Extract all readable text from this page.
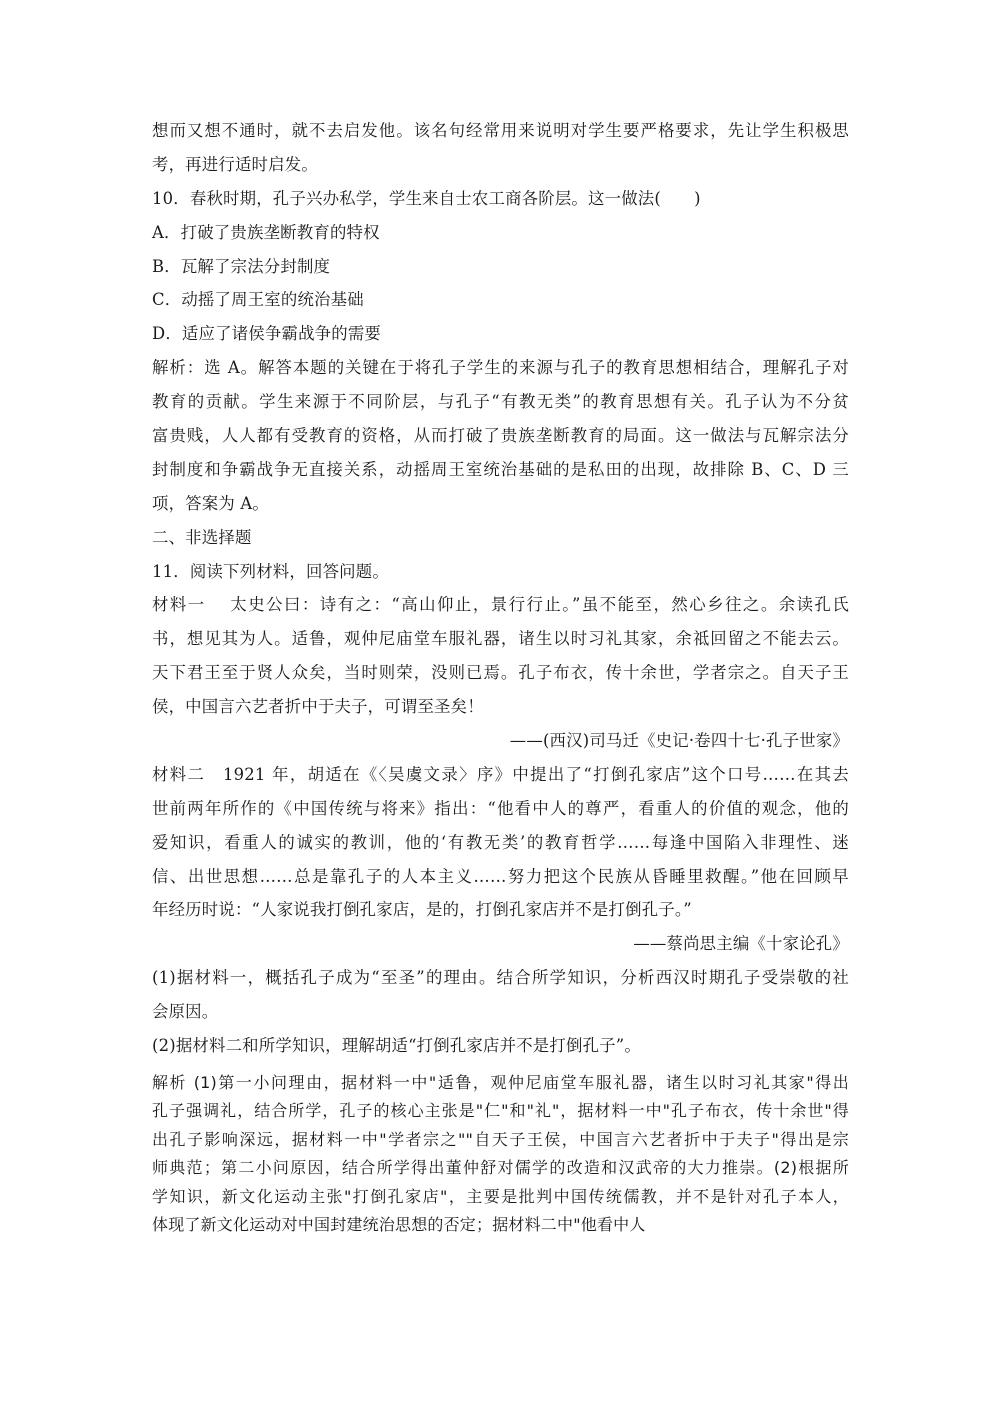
想而又想不通时，就不去启发他。该名句经常用来说明对学生要严格要求，先让学生积极思
考，再进行适时启发。
10．春秋时期，孔子兴办私学，学生来自士农工商各阶层。这一做法(　　)
A．打破了贵族垄断教育的特权
B．瓦解了宗法分封制度
C．动摇了周王室的统治基础
D．适应了诸侯争霸战争的需要
解析：选 A。解答本题的关键在于将孔子学生的来源与孔子的教育思想相结合，理解孔子对
教育的贡献。学生来源于不同阶层，与孔子“有教无类”的教育思想有关。孔子认为不分贫
富贵贱，人人都有受教育的资格，从而打破了贵族垄断教育的局面。这一做法与瓦解宗法分
封制度和争霸战争无直接关系，动摇周王室统治基础的是私田的出现，故排除 B、C、D 三
项，答案为 A。
二、非选择题
11．阅读下列材料，回答问题。
材料一　 太史公曰：诗有之：“高山仰止，景行行止。”虽不能至，然心乡往之。余读孔氏
书，想见其为人。适鲁，观仲尼庙堂车服礼器，诸生以时习礼其家，余祗回留之不能去云。
天下君王至于贤人众矣，当时则荣，没则已焉。孔子布衣，传十余世，学者宗之。自天子王
侯，中国言六艺者折中于夫子，可谓至圣矣！
——(西汉)司马迁《史记·卷四十七·孔子世家》
材料二　1921 年，胡适在《〈吴虞文录〉序》中提出了“打倒孔家店”这个口号……在其去
世前两年所作的《中国传统与将来》指出：“他看中人的尊严，看重人的价值的观念，他的
爱知识，看重人的诚实的教训，他的‘有教无类’的教育哲学……每逢中国陷入非理性、迷
信、出世思想……总是靠孔子的人本主义……努力把这个民族从昏睡里救醒。”他在回顾早
年经历时说：“人家说我打倒孔家店，是的，打倒孔家店并不是打倒孔子。”
——蔡尚思主编《十家论孔》
(1)据材料一，概括孔子成为“至圣”的理由。结合所学知识，分析西汉时期孔子受崇敬的社
会原因。
(2)据材料二和所学知识，理解胡适“打倒孔家店并不是打倒孔子”。
解析 (1)第一小问理由，据材料一中"适鲁，观仲尼庙堂车服礼器，诸生以时习礼其家"得出
孔子强调礼，结合所学，孔子的核心主张是"仁"和"礼"，据材料一中"孔子布衣，传十余世"得
出孔子影响深远，据材料一中"学者宗之""自天子王侯，中国言六艺者折中于夫子"得出是宗
师典范；第二小问原因，结合所学得出董仲舒对儒学的改造和汉武帝的大力推崇。(2)根据所
学知识，新文化运动主张"打倒孔家店"，主要是批判中国传统儒教，并不是针对孔子本人，
体现了新文化运动对中国封建统治思想的否定；据材料二中"他看中人
